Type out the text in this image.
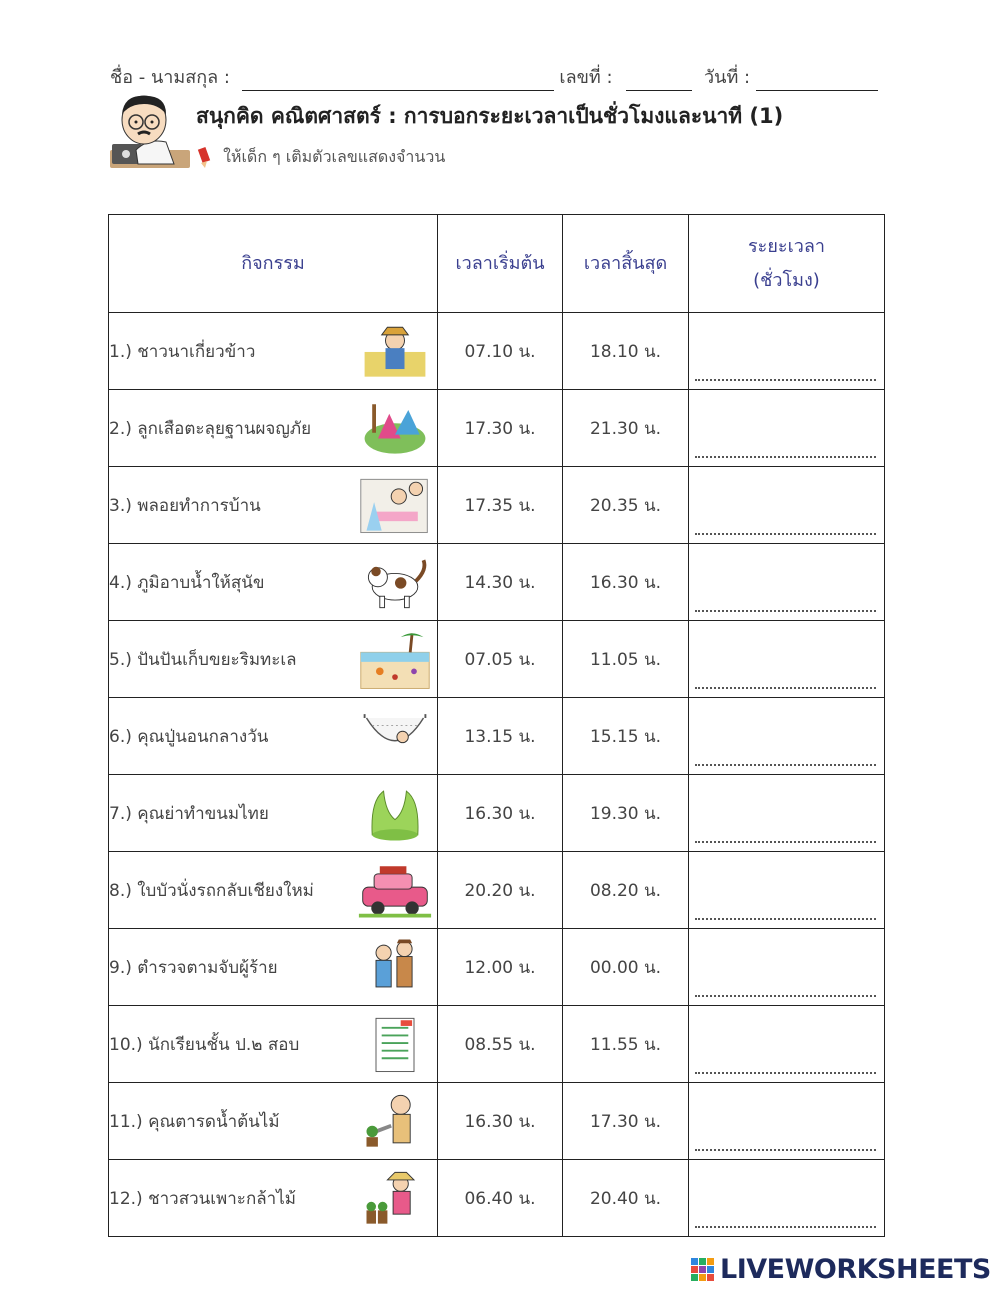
ชื่อ - นามสกุล :	เลขที่ :	วันที่ :
สนุกคิด คณิตศาสตร์ : การบอกระยะเวลาเป็นชั่วโมงและนาที (1)
ให้เด็ก ๆ เติมตัวเลขแสดงจำนวน
กิจกรรม	เวลาเริ่มต้น	เวลาสิ้นสุด	ระยะเวลา
(ชั่วโมง)

1.) ชาวนาเกี่ยวข้าว	07.10 น.	18.10 น.	

2.) ลูกเสือตะลุยฐานผจญภัย	17.30 น.	21.30 น.	

3.) พลอยทำการบ้าน	17.35 น.	20.35 น.	

4.) ภูมิอาบน้ำให้สุนัข	14.30 น.	16.30 น.	

5.) ปันปันเก็บขยะริมทะเล	07.05 น.	11.05 น.	

6.) คุณปู่นอนกลางวัน	13.15 น.	15.15 น.	

7.) คุณย่าทำขนมไทย	16.30 น.	19.30 น.	

8.) ใบบัวนั่งรถกลับเชียงใหม่	20.20 น.	08.20 น.	

9.) ตำรวจตามจับผู้ร้าย	12.00 น.	00.00 น.	

10.) นักเรียนชั้น ป.๒ สอบ	08.55 น.	11.55 น.	

11.) คุณตารดน้ำต้นไม้	16.30 น.	17.30 น.	

12.) ชาวสวนเพาะกล้าไม้	06.40 น.	20.40 น.	
LIVEWORKSHEETS
